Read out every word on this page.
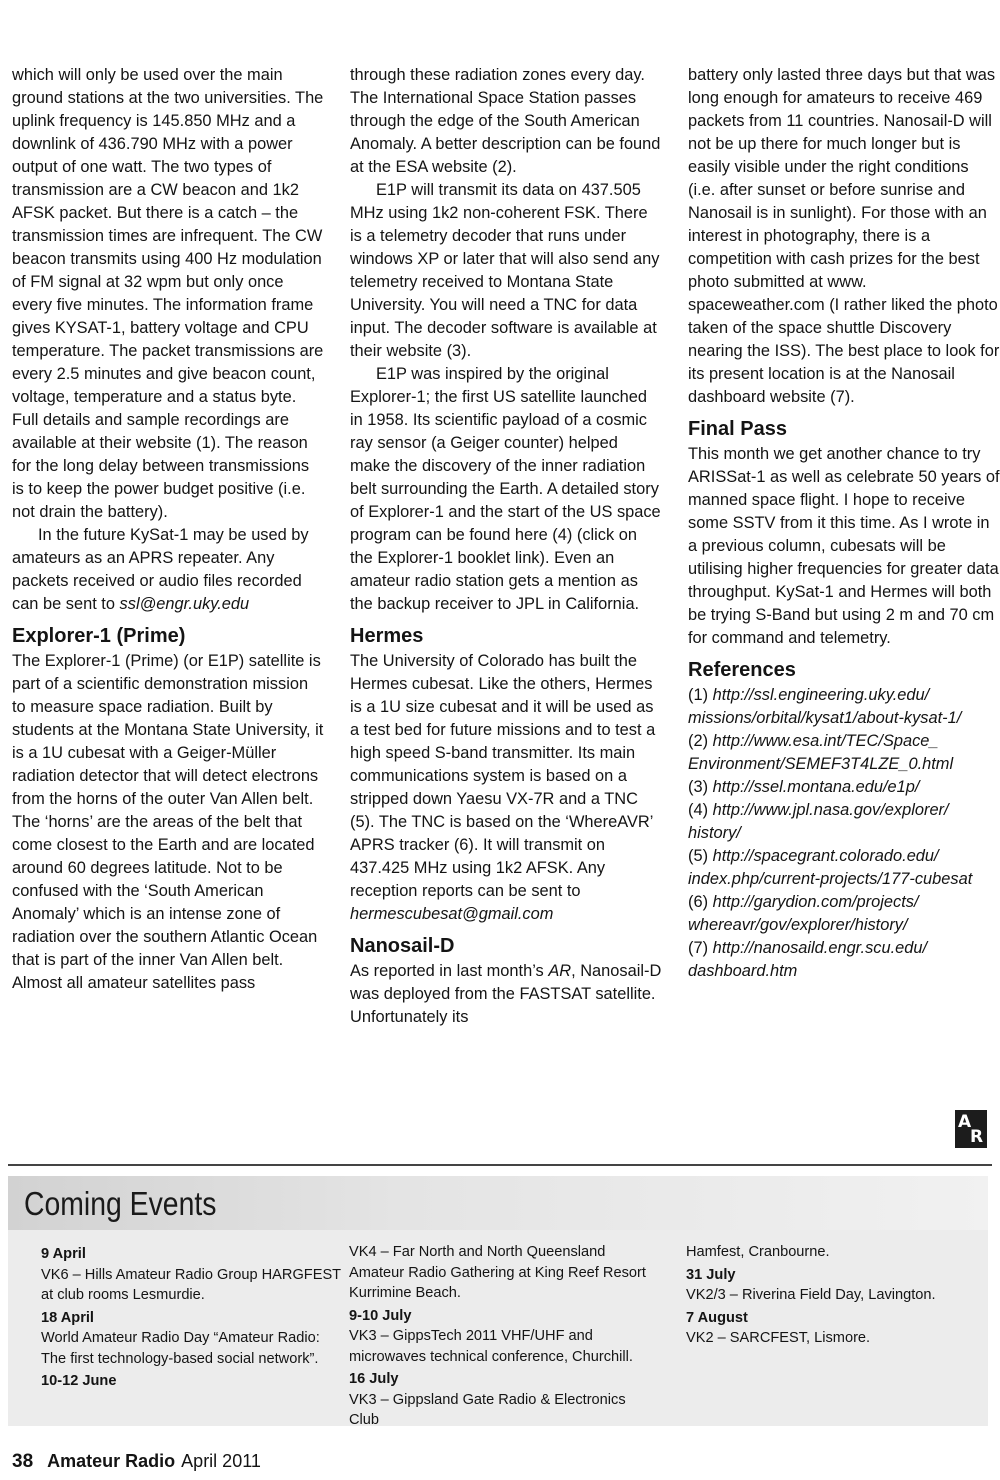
which will only be used over the main ground stations at the two universities. The uplink frequency is 145.850 MHz and a downlink of 436.790 MHz with a power output of one watt. The two types of transmission are a CW beacon and 1k2 AFSK packet. But there is a catch – the transmission times are infrequent. The CW beacon transmits using 400 Hz modulation of FM signal at 32 wpm but only once every five minutes. The information frame gives KYSAT-1, battery voltage and CPU temperature. The packet transmissions are every 2.5 minutes and give beacon count, voltage, temperature and a status byte. Full details and sample recordings are available at their website (1). The reason for the long delay between transmissions is to keep the power budget positive (i.e. not drain the battery).

In the future KySat-1 may be used by amateurs as an APRS repeater. Any packets received or audio files recorded can be sent to ssl@engr.uky.edu

Explorer-1 (Prime)

The Explorer-1 (Prime) (or E1P) satellite is part of a scientific demonstration mission to measure space radiation. Built by students at the Montana State University, it is a 1U cubesat with a Geiger-Müller radiation detector that will detect electrons from the horns of the outer Van Allen belt. The ‘horns’ are the areas of the belt that come closest to the Earth and are located around 60 degrees latitude. Not to be confused with the ‘South American Anomaly’ which is an intense zone of radiation over the southern Atlantic Ocean that is part of the inner Van Allen belt. Almost all amateur satellites pass

through these radiation zones every day. The International Space Station passes through the edge of the South American Anomaly. A better description can be found at the ESA website (2).

E1P will transmit its data on 437.505 MHz using 1k2 non-coherent FSK. There is a telemetry decoder that runs under windows XP or later that will also send any telemetry received to Montana State University. You will need a TNC for data input. The decoder software is available at their website (3).

E1P was inspired by the original Explorer-1; the first US satellite launched in 1958. Its scientific payload of a cosmic ray sensor (a Geiger counter) helped make the discovery of the inner radiation belt surrounding the Earth. A detailed story of Explorer-1 and the start of the US space program can be found here (4) (click on the Explorer-1 booklet link). Even an amateur radio station gets a mention as the backup receiver to JPL in California.

Hermes

The University of Colorado has built the Hermes cubesat. Like the others, Hermes is a 1U size cubesat and it will be used as a test bed for future missions and to test a high speed S-band transmitter. Its main communications system is based on a stripped down Yaesu VX-7R and a TNC (5). The TNC is based on the ‘WhereAVR’ APRS tracker (6). It will transmit on 437.425 MHz using 1k2 AFSK. Any reception reports can be sent to hermescubesat@gmail.com

Nanosail-D

As reported in last month’s AR, Nanosail-D was deployed from the FASTSAT satellite. Unfortunately its

battery only lasted three days but that was long enough for amateurs to receive 469 packets from 11 countries. Nanosail-D will not be up there for much longer but is easily visible under the right conditions (i.e. after sunset or before sunrise and Nanosail is in sunlight). For those with an interest in photography, there is a competition with cash prizes for the best photo submitted at www. spaceweather.com (I rather liked the photo taken of the space shuttle Discovery nearing the ISS). The best place to look for its present location is at the Nanosail dashboard website (7).

Final Pass

This month we get another chance to try ARISSat-1 as well as celebrate 50 years of manned space flight. I hope to receive some SSTV from it this time. As I wrote in a previous column, cubesats will be utilising higher frequencies for greater data throughput. KySat-1 and Hermes will both be trying S-Band but using 2 m and 70 cm for command and telemetry.

References

(1) http://ssl.engineering.uky.edu/ missions/orbital/kysat1/about-kysat-1/

(2) http://www.esa.int/TEC/Space_ Environment/SEMEF3T4LZE_0.html

(3) http://ssel.montana.edu/e1p/

(4) http://www.jpl.nasa.gov/explorer/ history/

(5) http://spacegrant.colorado.edu/ index.php/current-projects/177-cubesat

(6) http://garydion.com/projects/ whereavr/gov/explorer/history/

(7) http://nanosaild.engr.scu.edu/ dashboard.htm

A
R
Coming Events
9 April
VK6 – Hills Amateur Radio Group HARGFEST at club rooms Lesmurdie.
18 April
World Amateur Radio Day “Amateur Radio: The first technology-based social network”.
10-12 June
VK4 – Far North and North Queensland Amateur Radio Gathering at King Reef Resort Kurrimine Beach.
9-10 July
VK3 – GippsTech 2011 VHF/UHF and microwaves technical conference, Churchill.
16 July
VK3 – Gippsland Gate Radio & Electronics Club
Hamfest, Cranbourne.
31 July
VK2/3 – Riverina Field Day, Lavington.
7 August
VK2 – SARCFEST, Lismore.
38 Amateur Radio April 2011
